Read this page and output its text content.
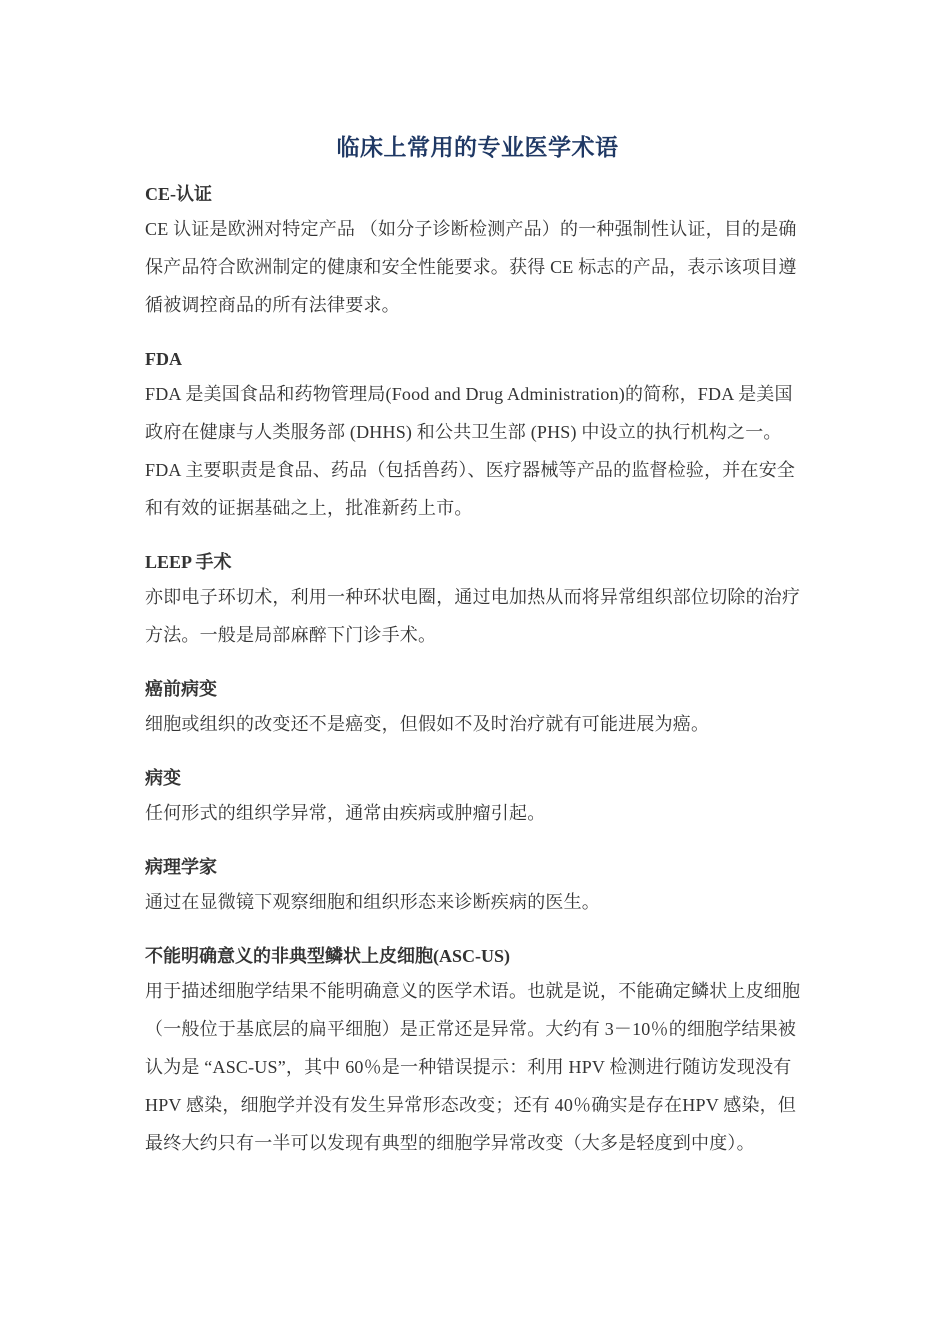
临床上常用的专业医学术语

CE-认证

CE 认证是欧洲对特定产品 （如分子诊断检测产品）的一种强制性认证，目的是确保产品符合欧洲制定的健康和安全性能要求。获得 CE 标志的产品，表示该项目遵循被调控商品的所有法律要求。

FDA

FDA 是美国食品和药物管理局(Food and Drug Administration)的简称，FDA 是美国政府在健康与人类服务部 (DHHS) 和公共卫生部 (PHS) 中设立的执行机构之一。FDA 主要职责是食品、药品（包括兽药）、医疗器械等产品的监督检验，并在安全和有效的证据基础之上，批准新药上市。

LEEP 手术

亦即电子环切术，利用一种环状电圈，通过电加热从而将异常组织部位切除的治疗方法。一般是局部麻醉下门诊手术。

癌前病变

细胞或组织的改变还不是癌变，但假如不及时治疗就有可能进展为癌。

病变

任何形式的组织学异常，通常由疾病或肿瘤引起。

病理学家

通过在显微镜下观察细胞和组织形态来诊断疾病的医生。

不能明确意义的非典型鳞状上皮细胞(ASC-US)

用于描述细胞学结果不能明确意义的医学术语。也就是说，不能确定鳞状上皮细胞（一般位于基底层的扁平细胞）是正常还是异常。大约有 3－10％的细胞学结果被认为是 “ASC-US”，其中 60％是一种错误提示：利用 HPV 检测进行随访发现没有 HPV 感染，细胞学并没有发生异常形态改变；还有 40％确实是存在HPV 感染，但最终大约只有一半可以发现有典型的细胞学异常改变（大多是轻度到中度）。
